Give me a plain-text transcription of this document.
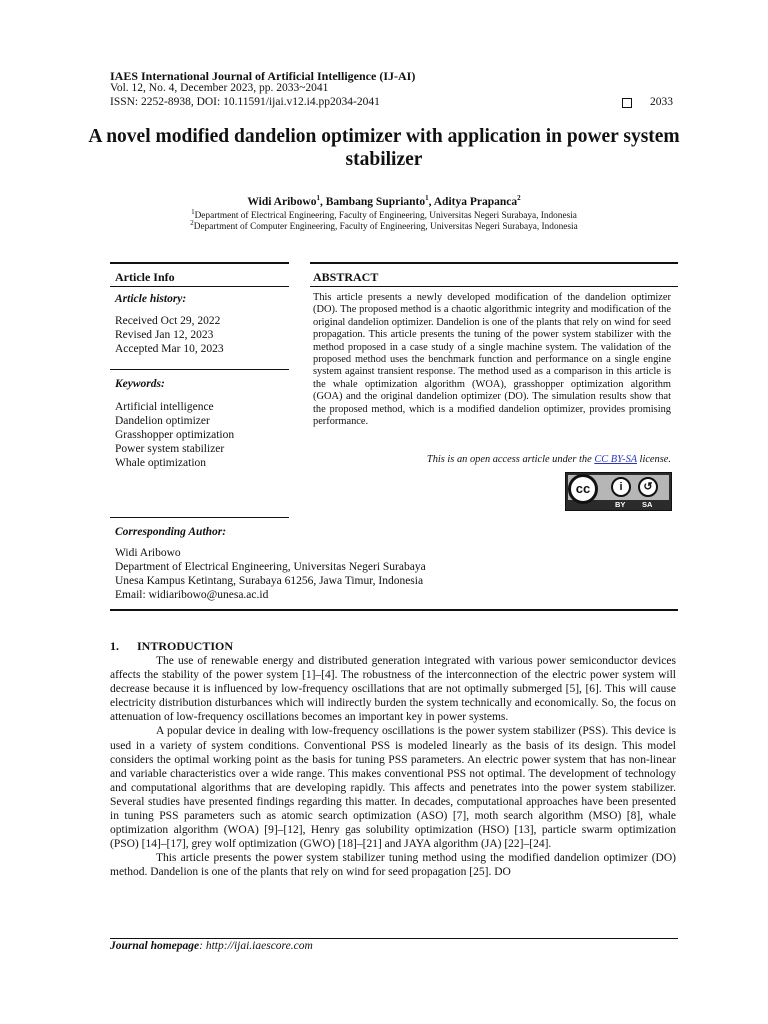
IAES International Journal of Artificial Intelligence (IJ-AI)
Vol. 12, No. 4, December 2023, pp. 2033~2041
ISSN: 2252-8938, DOI: 10.11591/ijai.v12.i4.pp2034-2041	2033
A novel modified dandelion optimizer with application in power system stabilizer
Widi Aribowo$^1$, Bambang Suprianto$^1$, Aditya Prapanca$^2$
$^1$Department of Electrical Engineering, Faculty of Engineering, Universitas Negeri Surabaya, Indonesia
$^2$Department of Computer Engineering, Faculty of Engineering, Universitas Negeri Surabaya, Indonesia
Article Info	ABSTRACT
Article history:
Received Oct 29, 2022
Revised Jan 12, 2023
Accepted Mar 10, 2023
Keywords:
Artificial intelligence
Dandelion optimizer
Grasshopper optimization
Power system stabilizer
Whale optimization
This article presents a newly developed modification of the dandelion optimizer (DO). The proposed method is a chaotic algorithmic integrity and modification of the original dandelion optimizer. Dandelion is one of the plants that rely on wind for seed propagation. This article presents the tuning of the power system stabilizer with the method proposed in a case study of a single machine system. The validation of the proposed method uses the benchmark function and performance on a single engine system against transient response. The method used as a comparison in this article is the whale optimization algorithm (WOA), grasshopper optimization algorithm (GOA) and the original dandelion optimizer (DO). The simulation results show that the proposed method, which is a modified dandelion optimizer, provides promising performance.
This is an open access article under the CC BY-SA license.
cc	i	↺
BY SA
Corresponding Author:
Widi Aribowo
Department of Electrical Engineering, Universitas Negeri Surabaya
Unesa Kampus Ketintang, Surabaya 61256, Jawa Timur, Indonesia
Email: widiaribowo@unesa.ac.id
1. INTRODUCTION

The use of renewable energy and distributed generation integrated with various power semiconductor devices affects the stability of the power system [1]–[4]. The robustness of the interconnection of the electric power system will decrease because it is influenced by low-frequency oscillations that are not optimally submerged [5], [6]. This will cause electricity distribution disturbances which will indirectly burden the system technically and economically. So, the focus on attenuation of low-frequency oscillations becomes an important key in power systems.

A popular device in dealing with low-frequency oscillations is the power system stabilizer (PSS). This device is used in a variety of system conditions. Conventional PSS is modeled linearly as the basis of its design. This model considers the optimal working point as the basis for tuning PSS parameters. An electric power system that has non-linear and variable characteristics over a wide range. This makes conventional PSS not optimal. The development of technology and computational algorithms that are developing rapidly. This affects and penetrates into the power system stabilizer. Several studies have presented findings regarding this matter. In decades, computational approaches have been presented in tuning PSS parameters such as atomic search optimization (ASO) [7], moth search algorithm (MSO) [8], whale optimization algorithm (WOA) [9]–[12], Henry gas solubility optimization (HSO) [13], particle swarm optimization (PSO) [14]–[17], grey wolf optimization (GWO) [18]–[21] and JAYA algorithm (JA) [22]–[24].

This article presents the power system stabilizer tuning method using the modified dandelion optimizer (DO) method. Dandelion is one of the plants that rely on wind for seed propagation [25]. DO

Journal homepage: http://ijai.iaescore.com
